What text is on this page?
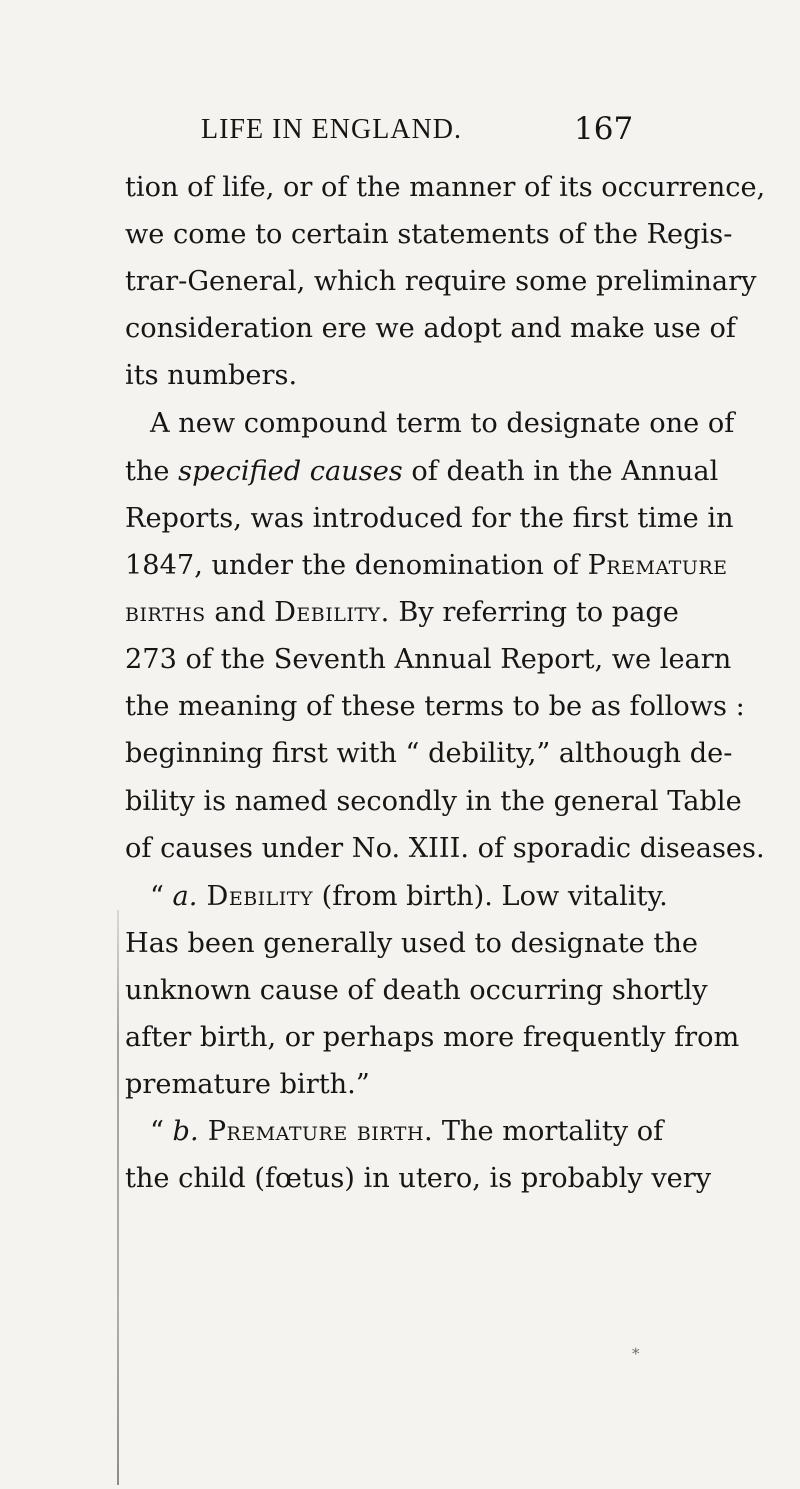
LIFE IN ENGLAND.	167
tion of life, or of the manner of its occurrence,
we come to certain statements of the Regis-
trar-General, which require some preliminary
consideration ere we adopt and make use of
its numbers.
A new compound term to designate one of
the specified causes of death in the Annual
Reports, was introduced for the first time in
1847, under the denomination of Premature
births and Debility. By referring to page
273 of the Seventh Annual Report, we learn
the meaning of these terms to be as follows :
beginning first with “ debility,” although de-
bility is named secondly in the general Table
of causes under No. XIII. of sporadic diseases.
“ a. Debility (from birth). Low vitality.
Has been generally used to designate the
unknown cause of death occurring shortly
after birth, or perhaps more frequently from
premature birth.”
“ b. Premature birth. The mortality of
the child (fœtus) in utero, is probably very
⁎
